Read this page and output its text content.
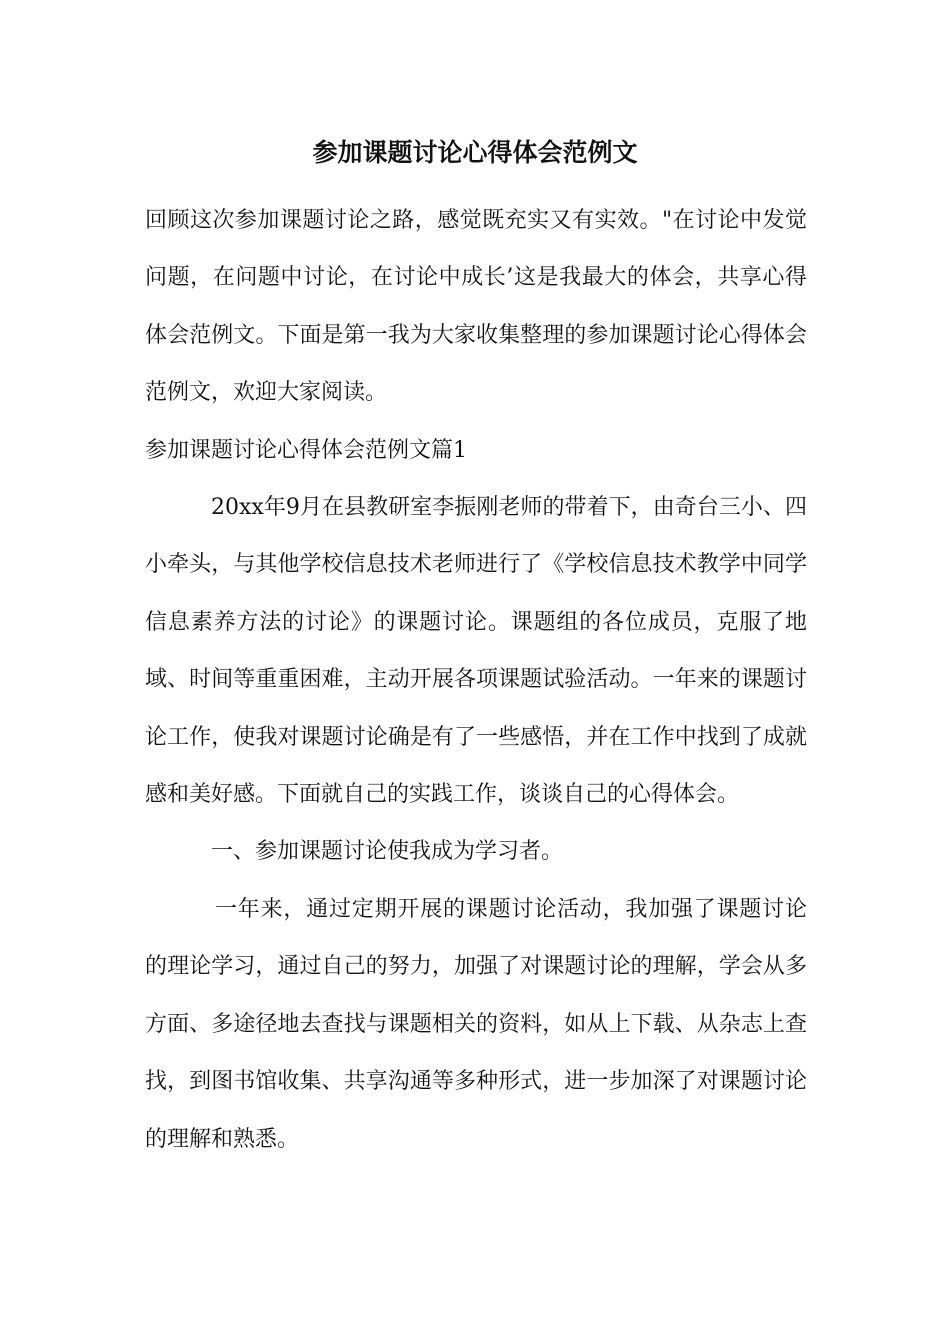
参加课题讨论心得体会范例文

回顾这次参加课题讨论之路，感觉既充实又有实效。"在讨论中发觉问题，在问题中讨论，在讨论中成长’这是我最大的体会，共享心得体会范例文。下面是第一我为大家收集整理的参加课题讨论心得体会范例文，欢迎大家阅读。

参加课题讨论心得体会范例文篇1

20xx年9月在县教研室李振刚老师的带着下，由奇台三小、四小牵头，与其他学校信息技术老师进行了《学校信息技术教学中同学信息素养方法的讨论》的课题讨论。课题组的各位成员，克服了地域、时间等重重困难，主动开展各项课题试验活动。一年来的课题讨论工作，使我对课题讨论确是有了一些感悟，并在工作中找到了成就感和美好感。下面就自己的实践工作，谈谈自己的心得体会。

一、参加课题讨论使我成为学习者。

一年来，通过定期开展的课题讨论活动，我加强了课题讨论的理论学习，通过自己的努力，加强了对课题讨论的理解，学会从多方面、多途径地去查找与课题相关的资料，如从上下载、从杂志上查找，到图书馆收集、共享沟通等多种形式，进一步加深了对课题讨论的理解和熟悉。
